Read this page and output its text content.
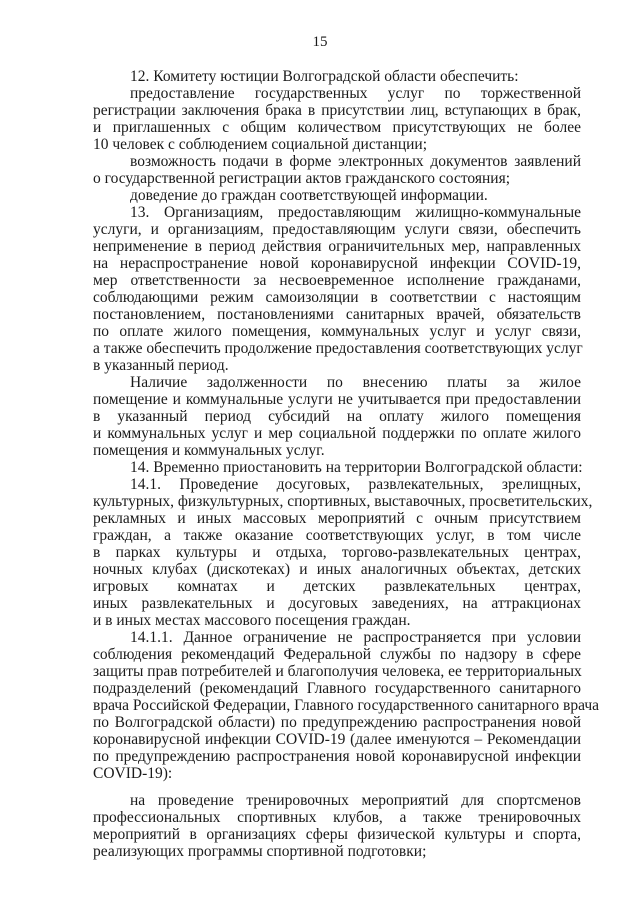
15

12. Комитету юстиции Волгоградской области обеспечить:

предоставление государственных услуг по торжественной

регистрации заключения брака в присутствии лиц, вступающих в брак,

и приглашенных с общим количеством присутствующих не более

10 человек с соблюдением социальной дистанции;

возможность подачи в форме электронных документов заявлений

о государственной регистрации актов гражданского состояния;

доведение до граждан соответствующей информации.

13. Организациям, предоставляющим жилищно-коммунальные

услуги, и организациям, предоставляющим услуги связи, обеспечить

неприменение в период действия ограничительных мер, направленных

на нераспространение новой коронавирусной инфекции COVID-19,

мер ответственности за несвоевременное исполнение гражданами,

соблюдающими режим самоизоляции в соответствии с настоящим

постановлением, постановлениями санитарных врачей, обязательств

по оплате жилого помещения, коммунальных услуг и услуг связи,

а также обеспечить продолжение предоставления соответствующих услуг

в указанный период.

Наличие задолженности по внесению платы за жилое

помещение и коммунальные услуги не учитывается при предоставлении

в указанный период субсидий на оплату жилого помещения

и коммунальных услуг и мер социальной поддержки по оплате жилого

помещения и коммунальных услуг.

14. Временно приостановить на территории Волгоградской области:

14.1. Проведение досуговых, развлекательных, зрелищных,

культурных, физкультурных, спортивных, выставочных, просветительских,

рекламных и иных массовых мероприятий с очным присутствием

граждан, а также оказание соответствующих услуг, в том числе

в парках культуры и отдыха, торгово-развлекательных центрах,

ночных клубах (дискотеках) и иных аналогичных объектах, детских

игровых комнатах и детских развлекательных центрах,

иных развлекательных и досуговых заведениях, на аттракционах

и в иных местах массового посещения граждан.

14.1.1. Данное ограничение не распространяется при условии

соблюдения рекомендаций Федеральной службы по надзору в сфере

защиты прав потребителей и благополучия человека, ее территориальных

подразделений (рекомендаций Главного государственного санитарного

врача Российской Федерации, Главного государственного санитарного врача

по Волгоградской области) по предупреждению распространения новой

коронавирусной инфекции COVID-19 (далее именуются – Рекомендации

по предупреждению распространения новой коронавирусной инфекции

COVID-19):

на проведение тренировочных мероприятий для спортсменов

профессиональных спортивных клубов, а также тренировочных

мероприятий в организациях сферы физической культуры и спорта,

реализующих программы спортивной подготовки;
